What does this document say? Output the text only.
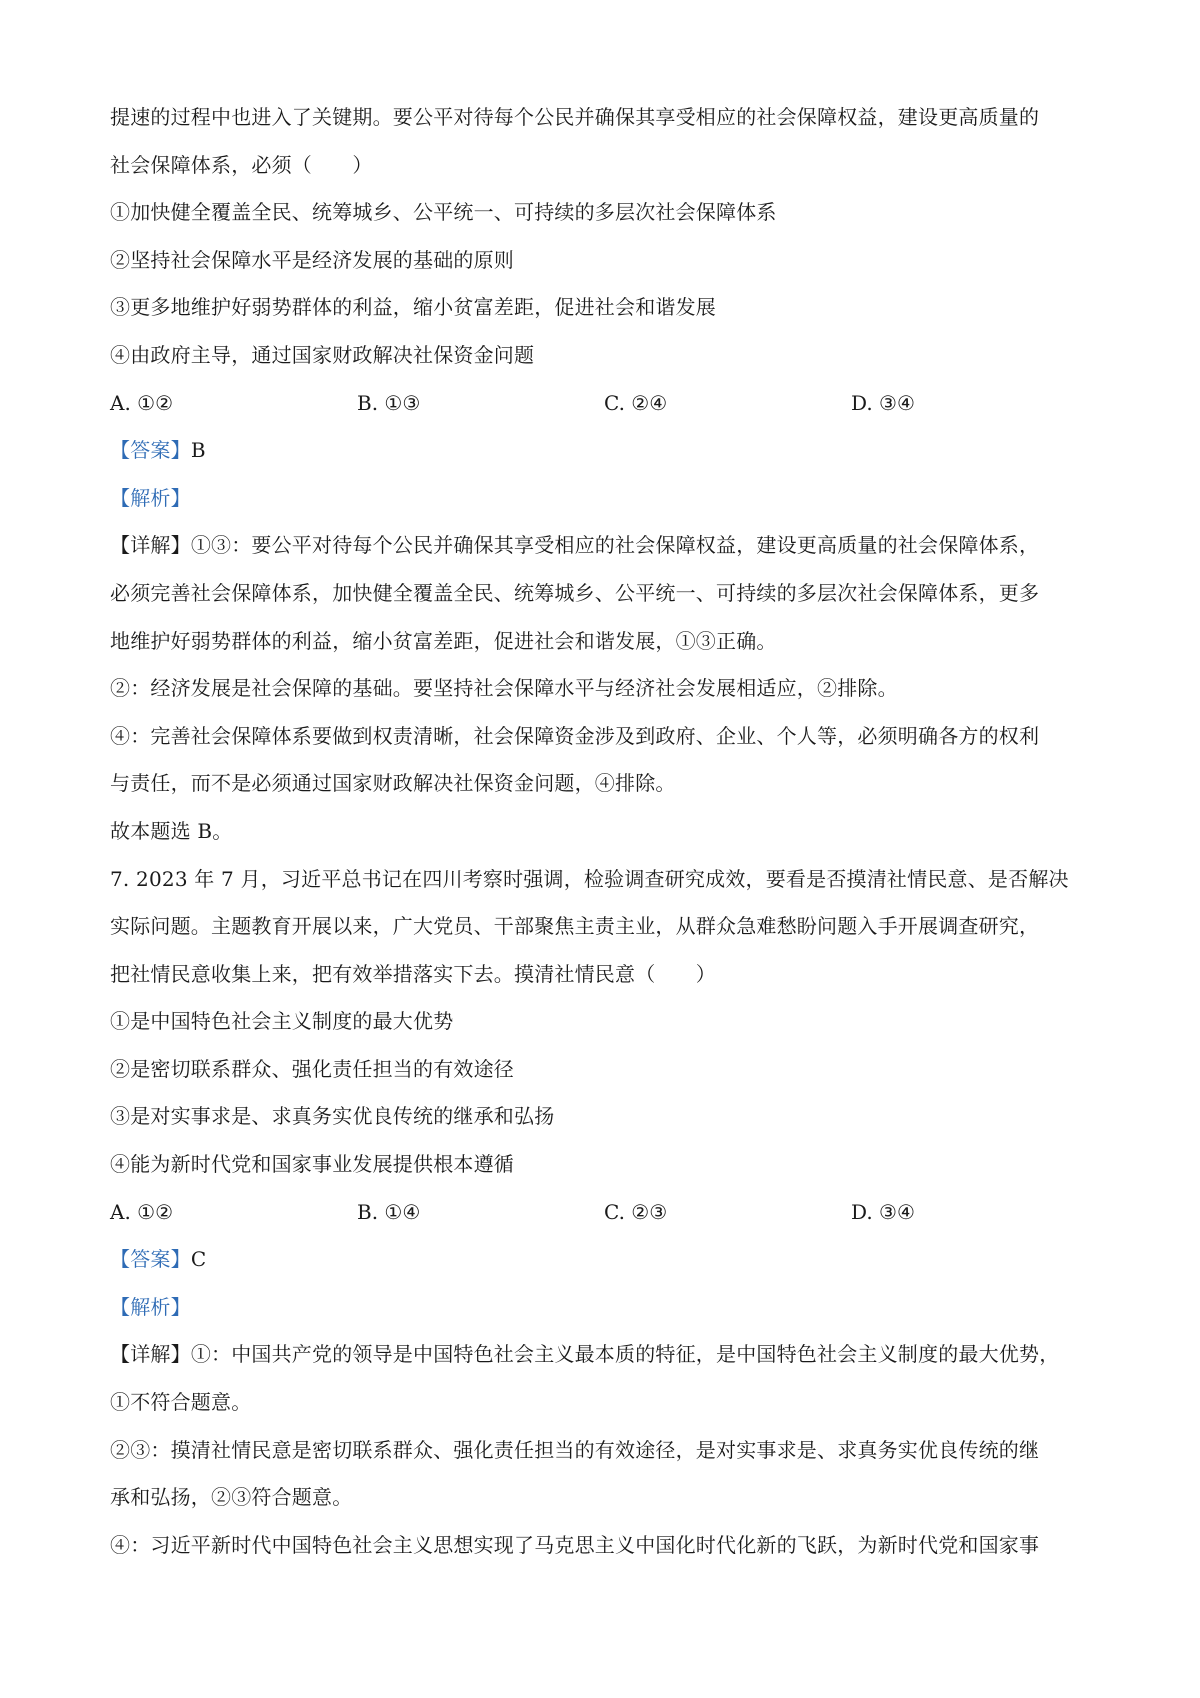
提速的过程中也进入了关键期。要公平对待每个公民并确保其享受相应的社会保障权益，建设更高质量的
社会保障体系，必须（　　）
①加快健全覆盖全民、统筹城乡、公平统一、可持续的多层次社会保障体系
②坚持社会保障水平是经济发展的基础的原则
③更多地维护好弱势群体的利益，缩小贫富差距，促进社会和谐发展
④由政府主导，通过国家财政解决社保资金问题
A. ①②	B. ①③	C. ②④	D. ③④
【答案】B
【解析】
【详解】①③：要公平对待每个公民并确保其享受相应的社会保障权益，建设更高质量的社会保障体系，
必须完善社会保障体系，加快健全覆盖全民、统筹城乡、公平统一、可持续的多层次社会保障体系，更多
地维护好弱势群体的利益，缩小贫富差距，促进社会和谐发展，①③正确。
②：经济发展是社会保障的基础。要坚持社会保障水平与经济社会发展相适应，②排除。
④：完善社会保障体系要做到权责清晰，社会保障资金涉及到政府、企业、个人等，必须明确各方的权利
与责任，而不是必须通过国家财政解决社保资金问题，④排除。
故本题选 B。
7. 2023 年 7 月，习近平总书记在四川考察时强调，检验调查研究成效，要看是否摸清社情民意、是否解决
实际问题。主题教育开展以来，广大党员、干部聚焦主责主业，从群众急难愁盼问题入手开展调查研究，
把社情民意收集上来，把有效举措落实下去。摸清社情民意（　　）
①是中国特色社会主义制度的最大优势
②是密切联系群众、强化责任担当的有效途径
③是对实事求是、求真务实优良传统的继承和弘扬
④能为新时代党和国家事业发展提供根本遵循
A. ①②	B. ①④	C. ②③	D. ③④
【答案】C
【解析】
【详解】①：中国共产党的领导是中国特色社会主义最本质的特征，是中国特色社会主义制度的最大优势，
①不符合题意。
②③：摸清社情民意是密切联系群众、强化责任担当的有效途径，是对实事求是、求真务实优良传统的继
承和弘扬，②③符合题意。
④：习近平新时代中国特色社会主义思想实现了马克思主义中国化时代化新的飞跃，为新时代党和国家事
